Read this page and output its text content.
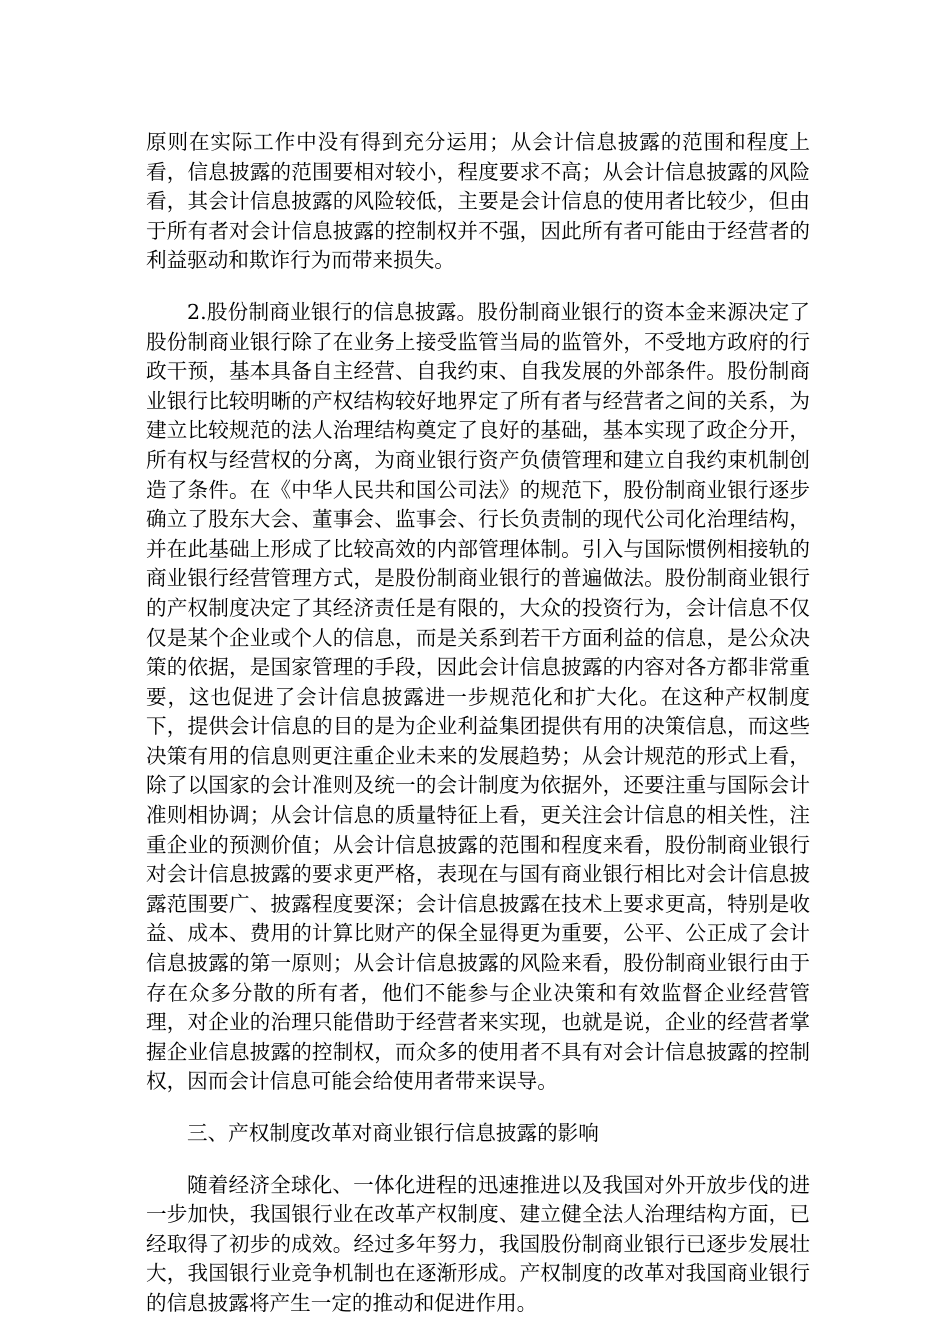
原则在实际工作中没有得到充分运用；从会计信息披露的范围和程度上看，信息披露的范围要相对较小，程度要求不高；从会计信息披露的风险看，其会计信息披露的风险较低，主要是会计信息的使用者比较少，但由于所有者对会计信息披露的控制权并不强，因此所有者可能由于经营者的利益驱动和欺诈行为而带来损失。

2.股份制商业银行的信息披露。股份制商业银行的资本金来源决定了股份制商业银行除了在业务上接受监管当局的监管外，不受地方政府的行政干预，基本具备自主经营、自我约束、自我发展的外部条件。股份制商业银行比较明晰的产权结构较好地界定了所有者与经营者之间的关系，为建立比较规范的法人治理结构奠定了良好的基础，基本实现了政企分开，所有权与经营权的分离，为商业银行资产负债管理和建立自我约束机制创造了条件。在《中华人民共和国公司法》的规范下，股份制商业银行逐步确立了股东大会、董事会、监事会、行长负责制的现代公司化治理结构，并在此基础上形成了比较高效的内部管理体制。引入与国际惯例相接轨的商业银行经营管理方式，是股份制商业银行的普遍做法。股份制商业银行的产权制度决定了其经济责任是有限的，大众的投资行为，会计信息不仅仅是某个企业或个人的信息，而是关系到若干方面利益的信息，是公众决策的依据，是国家管理的手段，因此会计信息披露的内容对各方都非常重要，这也促进了会计信息披露进一步规范化和扩大化。在这种产权制度下，提供会计信息的目的是为企业利益集团提供有用的决策信息，而这些决策有用的信息则更注重企业未来的发展趋势；从会计规范的形式上看，除了以国家的会计准则及统一的会计制度为依据外，还要注重与国际会计准则相协调；从会计信息的质量特征上看，更关注会计信息的相关性，注重企业的预测价值；从会计信息披露的范围和程度来看，股份制商业银行对会计信息披露的要求更严格，表现在与国有商业银行相比对会计信息披露范围要广、披露程度要深；会计信息披露在技术上要求更高，特别是收益、成本、费用的计算比财产的保全显得更为重要，公平、公正成了会计信息披露的第一原则；从会计信息披露的风险来看，股份制商业银行由于存在众多分散的所有者，他们不能参与企业决策和有效监督企业经营管理，对企业的治理只能借助于经营者来实现，也就是说，企业的经营者掌握企业信息披露的控制权，而众多的使用者不具有对会计信息披露的控制权，因而会计信息可能会给使用者带来误导。

三、产权制度改革对商业银行信息披露的影响

随着经济全球化、一体化进程的迅速推进以及我国对外开放步伐的进一步加快，我国银行业在改革产权制度、建立健全法人治理结构方面，已经取得了初步的成效。经过多年努力，我国股份制商业银行已逐步发展壮大，我国银行业竞争机制也在逐渐形成。产权制度的改革对我国商业银行的信息披露将产生一定的推动和促进作用。
